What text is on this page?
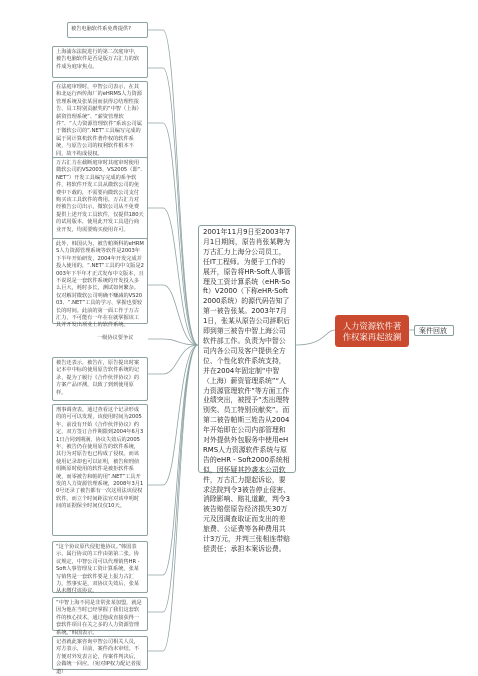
被告电脑软件系免费提供?
上海浦东法院进行的第二次庭审中，被告电脑软件是否是版万古汇力的软件成为庭审焦点。
在法庭审理时，中智公司表示，在其和北运行西传海厂的eHRMS人力资源管理系统及张某因而获得总结理性报告、员工特别贡献奖的“中智（上海）薪资管理系统”、“薪资管理软件”、“人力资源管理软件”系该公司属于微软公司的“.NET”工具编写完成的属于同计算机软件著作权的软件系统，与原告公司的权利软件根本不同，故不构成侵权。
万古汇力在截断庭审时其庭审时使用微软公司的VS2003、VS2005（即“.NET”）开发工具编写完成的系争软件，将软件开发工具从微软公司的免费中下载的，不需要向微软公司支付购买该工具软件的费用。万古汇力对经被告公司出示，微软公司从不免费提供上述开发工具软件，仅提供180天的试用版本，使用此开发工具进行商业开发，均需要购买使用许可。
此外，韩国认为，被告帕斯科的eHRMS人力资源管理系统等软件是2003年下半年开始研发，2004年开发完成并投入使用的，“.NET”工具的中文版是2003年下半年才正式发布中文版本，且不说说是一套软件系统的开发投入多么巨大，耗时多长，测试如何繁杂。仅对解封微软公司明确不赚减的VS2003、“.NET”工具的学习、掌握也要较长的时间。此前的第一面工作于万古汇力，不可能有一年在在就掌握该工具并开发出项业上的软件系统。
一级协议要争议
被告还表示，被告在，原告提出时案记本中中标的使用原告软件系统的记录，提为了履行《合作伙伴协议》的方案产品评测，以致了到到使用原样。
刑事调查表，通过查看这个记录形成的的可可以发现，该使用时间为2005年，前没有开始《合作伙伴协议》约定，双方签订合作期限到2004年6月31日合同到期满，协议失效后的2005年，被告仍在使用原告的软件系统，其行为对原告也已构成了侵权。而该使用记录却也可以证明，被告和刑侦组断原时使用的软件是被拒软件系统，而零被告和帕的用“.NET”工具开发的人力资源管理系统，2008年3月10号还录了被告都有一次这用法该侵权软件。而立个时间距法官对该申明时间的证据保全时间仅仅10天。
“这个协议原代侵犯他协议。”韩国表示，属行协议的工作由第第二张。协议规定，中智公司可以代理销售HR - Soft人事管理及工资计算系统，张某写销售是一套软件要是上报力古汇力，然事实是，双协议失效后，张某从未缴付该协议。
“中智上海不同是非常张某加盟，就是因为他在当时已经掌握了我们这套软件的核心技术，通过他或直接获得一套软件项目在关之多的人力资源管理系统。”韩国表示。
记者就此案咨询中智公司相关人员，对方表示，目前，案件尚未审结。不方便对外发表言论，待案件判决后，会做统一回应。（宛对IP权力配记者报道）
2001年11月9日至2003年7月1日期间，原告肖张某聘为万古汇力上海分公司员工，任IT工程师。为便于工作的展开，原告将HR-Soft人事管理及工资计算系统（eHR-Soft）V2000（下称eHR-Soft2000系统）的源代码告知了第一被告张某。2003年7月1日，张某从原告公司辞职后即到第三被告中智上海公司软件部工作。负责为中智公司内各公司及客户提供全方位、个性化软件系统支持，并在2004年固定制“中智（上海）薪资管理系统”“人力资源管理软件”等方面工作业绩突出，被授予“杰出理特别奖、员工特别贡献奖”。而第二被告帕斯三姓告从2004年开始即在公司内部管理和对外提供外包服务中使用eHRMS人力资源软件系统与原告的eHR - Soft2000系统相似，因怀疑其抄袭本公司软件，万古汇力提起诉讼，要求法院判令3被告停止侵害、消除影响、赔礼道歉，判令3被告赔偿原告经济损失30万元及因调查取证而支出的差旅费、公证费等各种费用共计3万元，并判三张相连带赔偿责任；承担本案诉讼费。
人力资源软件著作权案再起波澜
案件回放
